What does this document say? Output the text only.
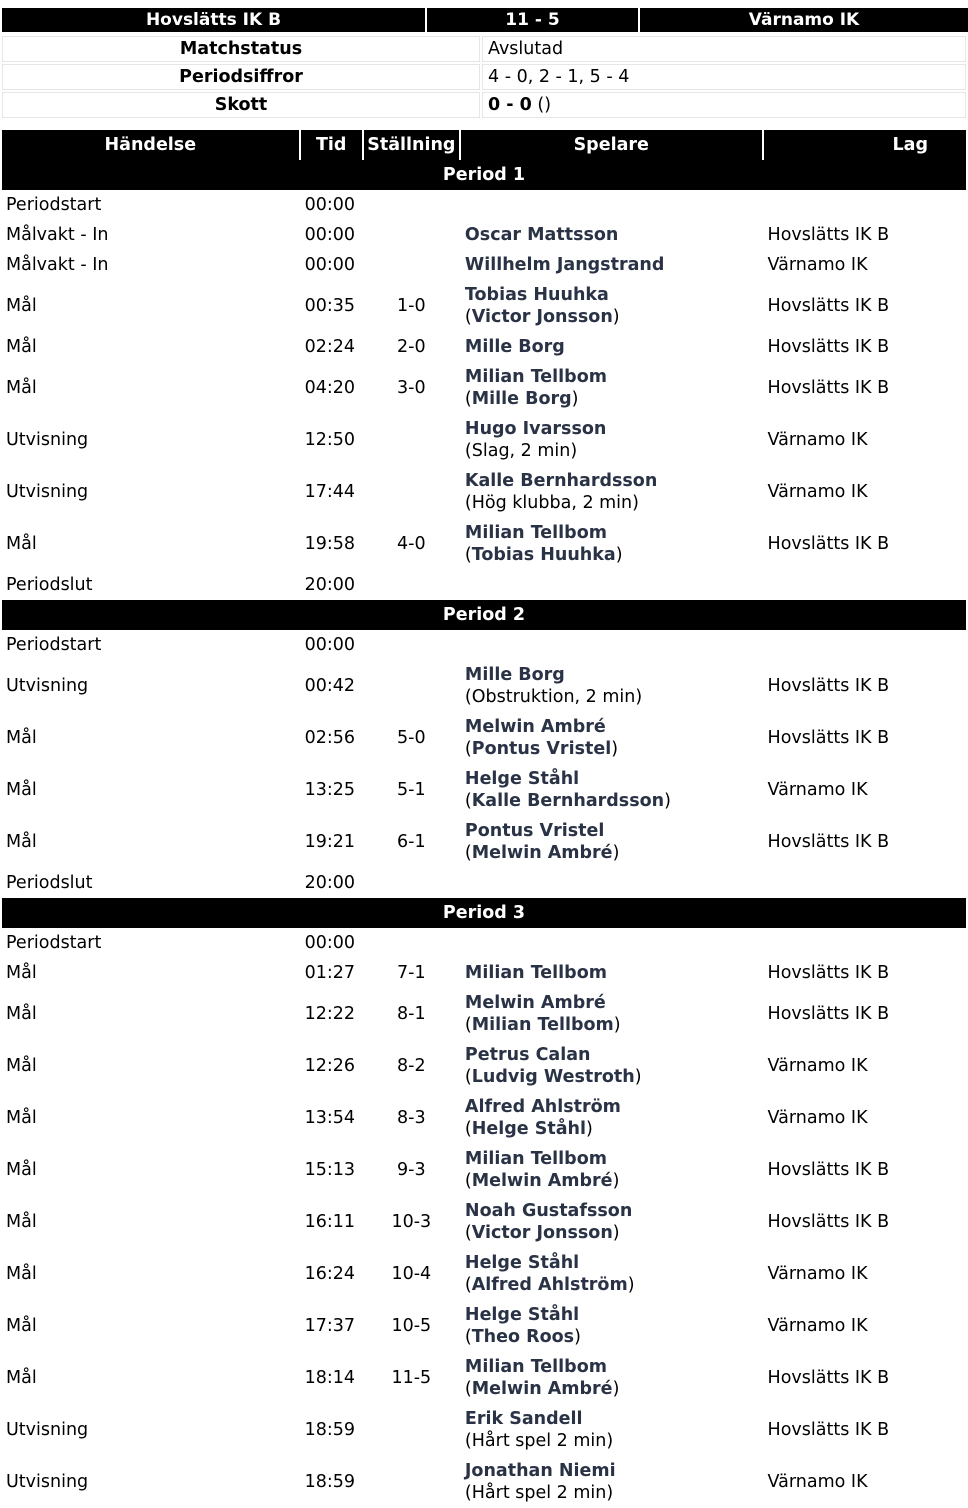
Hovslätts IK B	11 - 5	Värnamo IK
Matchstatus	Avslutad
Periodsiffror	4 - 0, 2 - 1, 5 - 4
Skott	0 - 0 ()
Händelse	Tid	Ställning	Spelare	Lag
Period 1				
Periodstart	00:00			
Målvakt - In	00:00		Oscar Mattsson	Hovslätts IK B
Målvakt - In	00:00		Willhelm Jangstrand	Värnamo IK
Mål	00:35	1-0	Tobias Huuhka
(Victor Jonsson)	Hovslätts IK B
Mål	02:24	2-0	Mille Borg	Hovslätts IK B
Mål	04:20	3-0	Milian Tellbom
(Mille Borg)	Hovslätts IK B
Utvisning	12:50		Hugo Ivarsson
(Slag, 2 min)	Värnamo IK
Utvisning	17:44		Kalle Bernhardsson
(Hög klubba, 2 min)	Värnamo IK
Mål	19:58	4-0	Milian Tellbom
(Tobias Huuhka)	Hovslätts IK B
Periodslut	20:00			
Period 2				
Periodstart	00:00			
Utvisning	00:42		Mille Borg
(Obstruktion, 2 min)	Hovslätts IK B
Mål	02:56	5-0	Melwin Ambré
(Pontus Vristel)	Hovslätts IK B
Mål	13:25	5-1	Helge Ståhl
(Kalle Bernhardsson)	Värnamo IK
Mål	19:21	6-1	Pontus Vristel
(Melwin Ambré)	Hovslätts IK B
Periodslut	20:00			
Period 3				
Periodstart	00:00			
Mål	01:27	7-1	Milian Tellbom	Hovslätts IK B
Mål	12:22	8-1	Melwin Ambré
(Milian Tellbom)	Hovslätts IK B
Mål	12:26	8-2	Petrus Calan
(Ludvig Westroth)	Värnamo IK
Mål	13:54	8-3	Alfred Ahlström
(Helge Ståhl)	Värnamo IK
Mål	15:13	9-3	Milian Tellbom
(Melwin Ambré)	Hovslätts IK B
Mål	16:11	10-3	Noah Gustafsson
(Victor Jonsson)	Hovslätts IK B
Mål	16:24	10-4	Helge Ståhl
(Alfred Ahlström)	Värnamo IK
Mål	17:37	10-5	Helge Ståhl
(Theo Roos)	Värnamo IK
Mål	18:14	11-5	Milian Tellbom
(Melwin Ambré)	Hovslätts IK B
Utvisning	18:59		Erik Sandell
(Hårt spel 2 min)	Hovslätts IK B
Utvisning	18:59		Jonathan Niemi
(Hårt spel 2 min)	Värnamo IK
